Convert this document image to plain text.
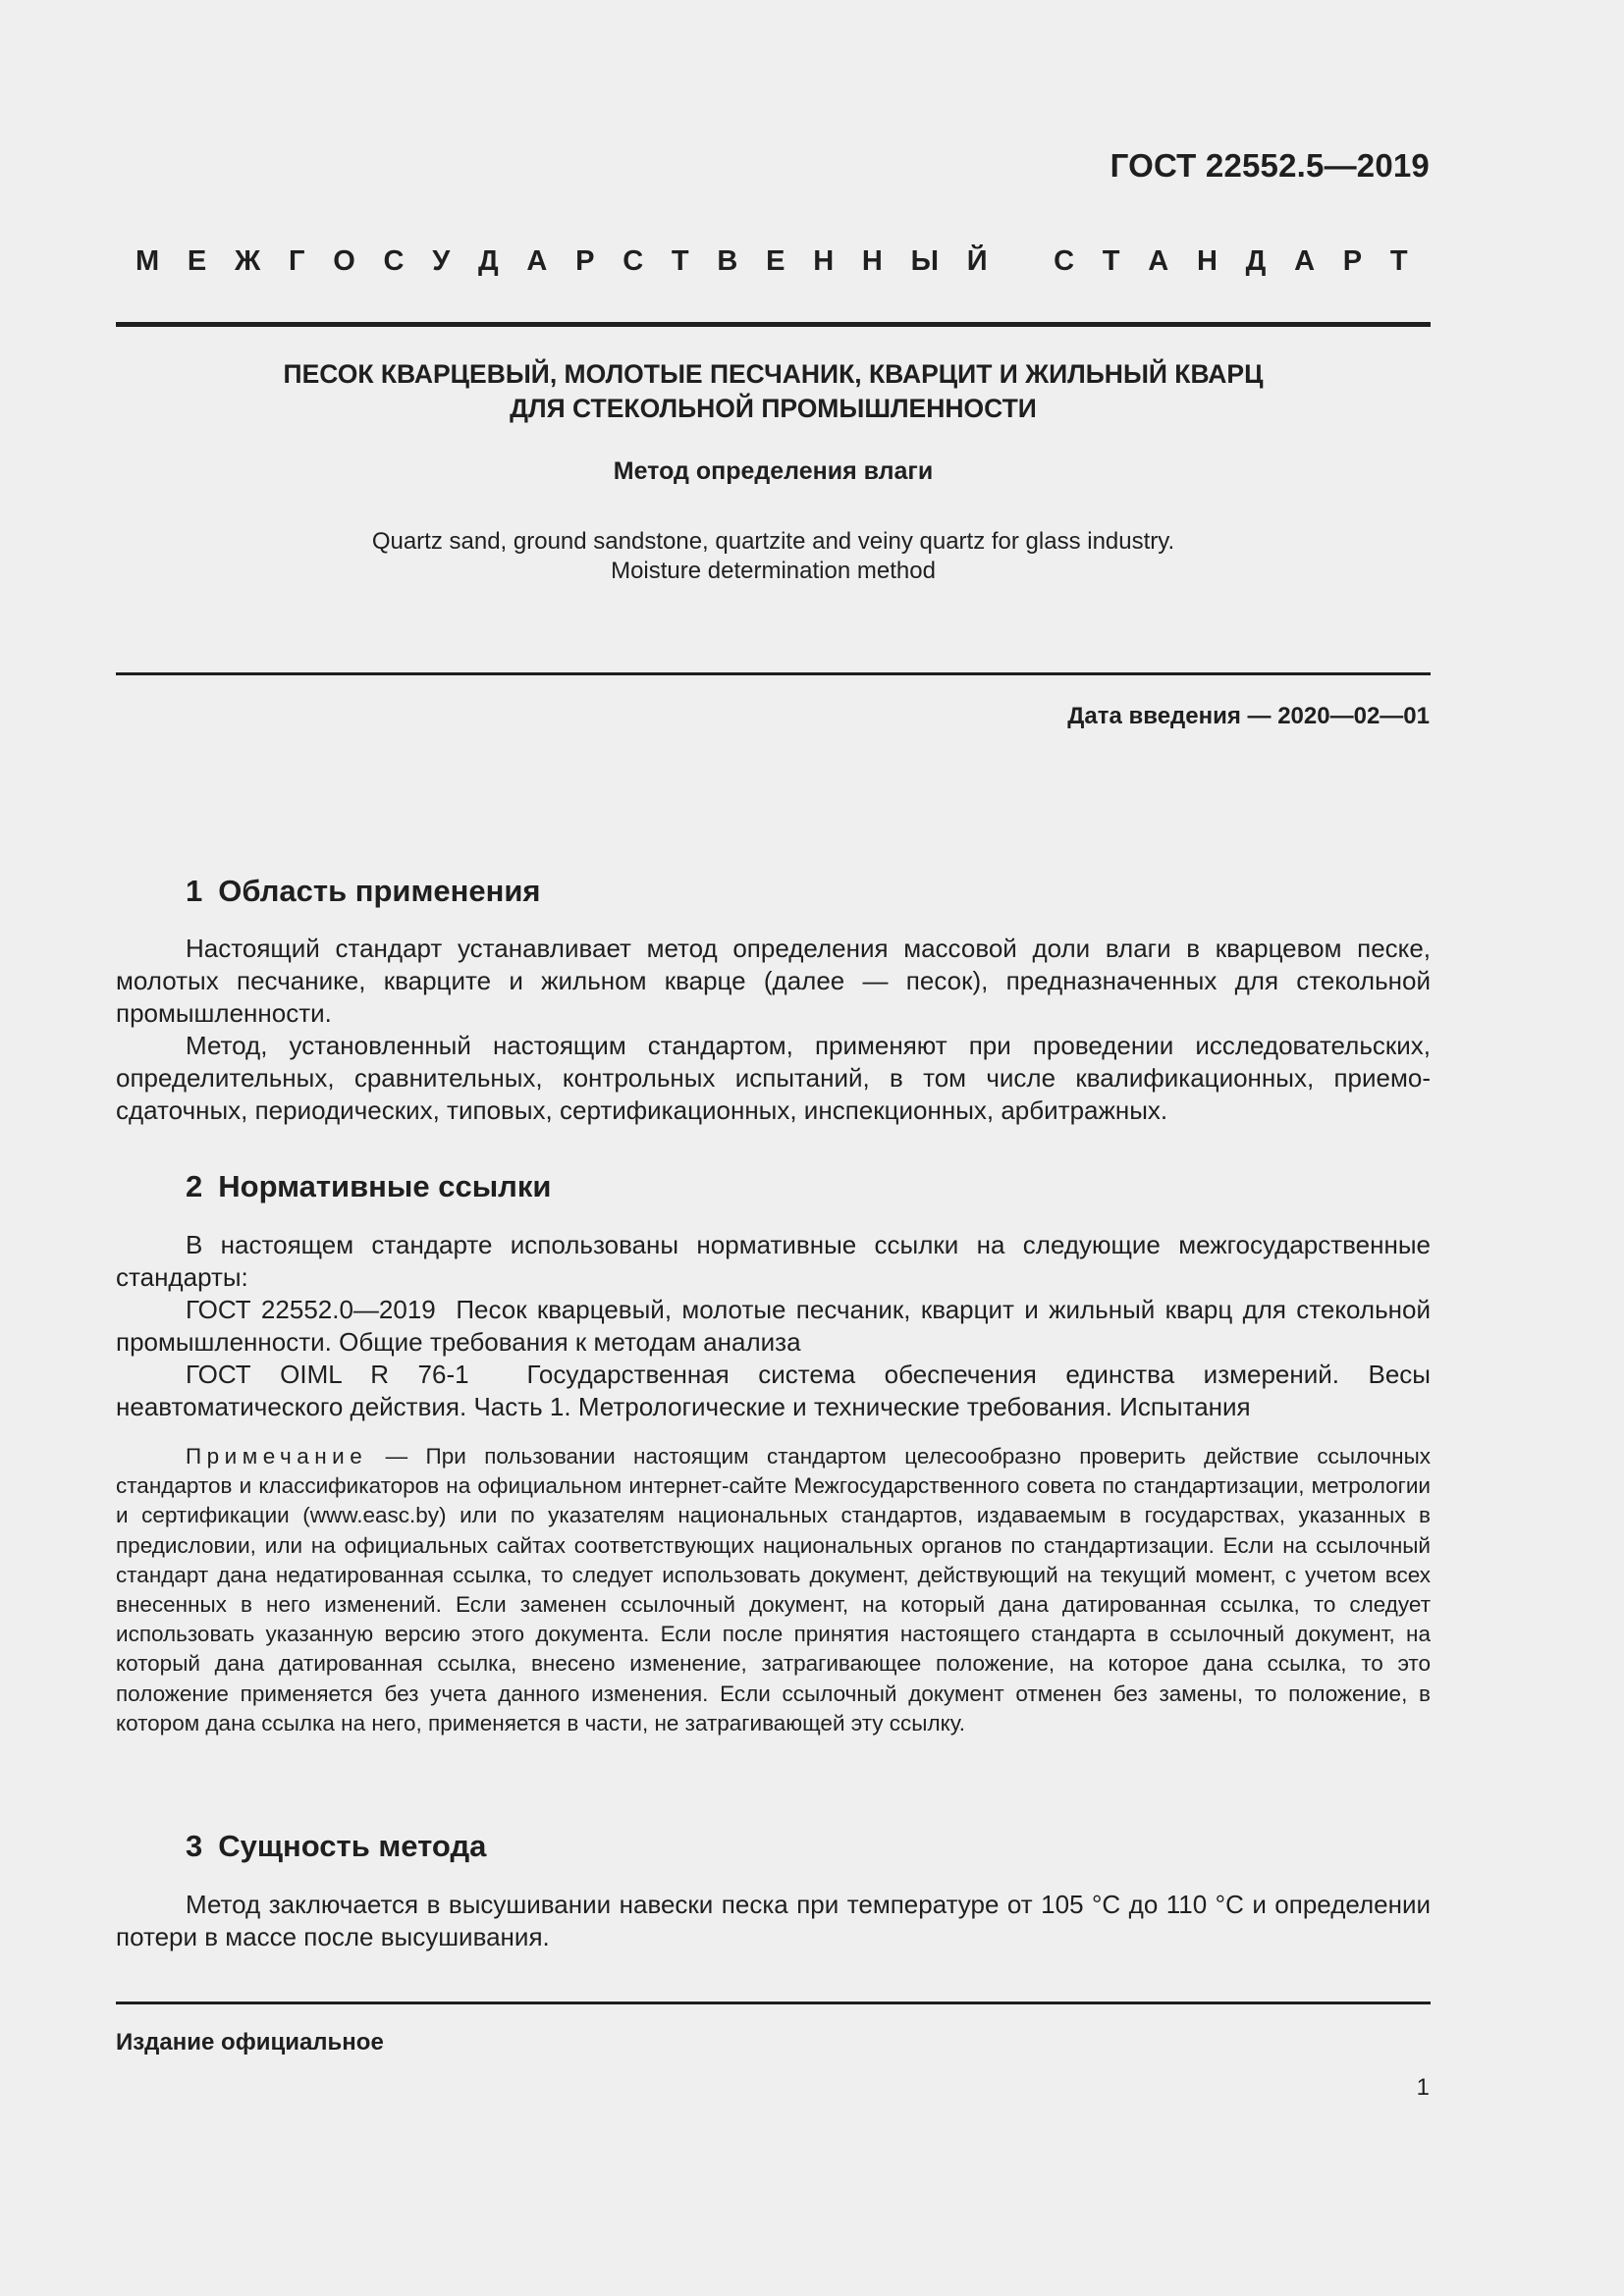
ГОСТ 22552.5—2019
М Е Ж Г О С У Д А Р С Т В Е Н Н Ы Й С Т А Н Д А Р Т
ПЕСОК КВАРЦЕВЫЙ, МОЛОТЫЕ ПЕСЧАНИК, КВАРЦИТ И ЖИЛЬНЫЙ КВАРЦ
ДЛЯ СТЕКОЛЬНОЙ ПРОМЫШЛЕННОСТИ
Метод определения влаги
Quartz sand, ground sandstone, quartzite and veiny quartz for glass industry.
Moisture determination method
Дата введения — 2020—02—01
1 Область применения

Настоящий стандарт устанавливает метод определения массовой доли влаги в кварцевом песке, молотых песчанике, кварците и жильном кварце (далее — песок), предназначенных для стекольной промышленности.

Метод, установленный настоящим стандартом, применяют при проведении исследовательских, определительных, сравнительных, контрольных испытаний, в том числе квалификационных, приемо-сдаточных, периодических, типовых, сертификационных, инспекционных, арбитражных.

2 Нормативные ссылки

В настоящем стандарте использованы нормативные ссылки на следующие межгосударственные стандарты:

ГОСТ 22552.0—2019  Песок кварцевый, молотые песчаник, кварцит и жильный кварц для стекольной промышленности. Общие требования к методам анализа

ГОСТ OIML R 76-1  Государственная система обеспечения единства измерений. Весы неавтоматического действия. Часть 1. Метрологические и технические требования. Испытания

Примечание — При пользовании настоящим стандартом целесообразно проверить действие ссылочных стандартов и классификаторов на официальном интернет-сайте Межгосударственного совета по стандартизации, метрологии и сертификации (www.easc.by) или по указателям национальных стандартов, издаваемым в государствах, указанных в предисловии, или на официальных сайтах соответствующих национальных органов по стандартизации. Если на ссылочный стандарт дана недатированная ссылка, то следует использовать документ, действующий на текущий момент, с учетом всех внесенных в него изменений. Если заменен ссылочный документ, на который дана датированная ссылка, то следует использовать указанную версию этого документа. Если после принятия настоящего стандарта в ссылочный документ, на который дана датированная ссылка, внесено изменение, затрагивающее положение, на которое дана ссылка, то это положение применяется без учета данного изменения. Если ссылочный документ отменен без замены, то положение, в котором дана ссылка на него, применяется в части, не затрагивающей эту ссылку.

3 Сущность метода

Метод заключается в высушивании навески песка при температуре от 105 °С до 110 °С и определении потери в массе после высушивания.

Издание официальное
1
